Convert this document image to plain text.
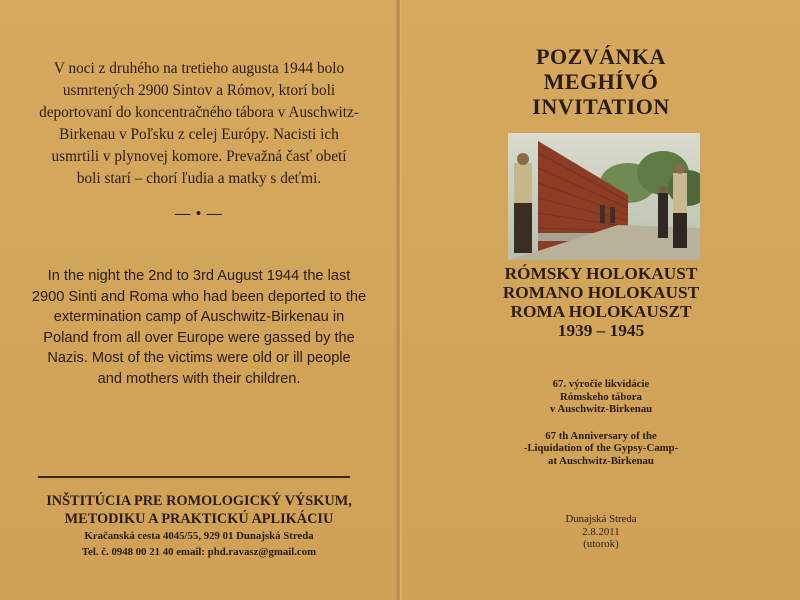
V noci z druhého na tretieho augusta 1944 bolo
usmrtených 2900 Sintov a Rómov, ktorí boli
deportovaní do koncentračného tábora v Auschwitz-
Birkenau v Poľsku z celej Európy. Nacisti ich
usmrtili v plynovej komore. Prevažná časť obetí
boli starí – chorí ľudia a matky s deťmi.
— • —
In the night the 2nd to 3rd August 1944 the last
2900 Sinti and Roma who had been deported to the
extermination camp of Auschwitz-Birkenau in
Poland from all over Europe were gassed by the
Nazis. Most of the victims were old or ill people
and mothers with their children.
INŠTITÚCIA PRE ROMOLOGICKÝ VÝSKUM,
METODIKU A PRAKTICKÚ APLIKÁCIU
Kračanská cesta 4045/55, 929 01 Dunajská Streda
Tel. č. 0948 00 21 40 email: phd.ravasz@gmail.com
POZVÁNKA
MEGHÍVÓ
INVITATION
RÓMSKY HOLOKAUST
ROMANO HOLOKAUST
ROMA HOLOKAUSZT
1939 – 1945
67. výročie likvidácie
Rómskeho tábora
v Auschwitz-Birkenau
67 th Anniversary of the
-Liquidation of the Gypsy-Camp-
at Auschwitz-Birkenau
Dunajská Streda
2.8.2011
(utorok)
